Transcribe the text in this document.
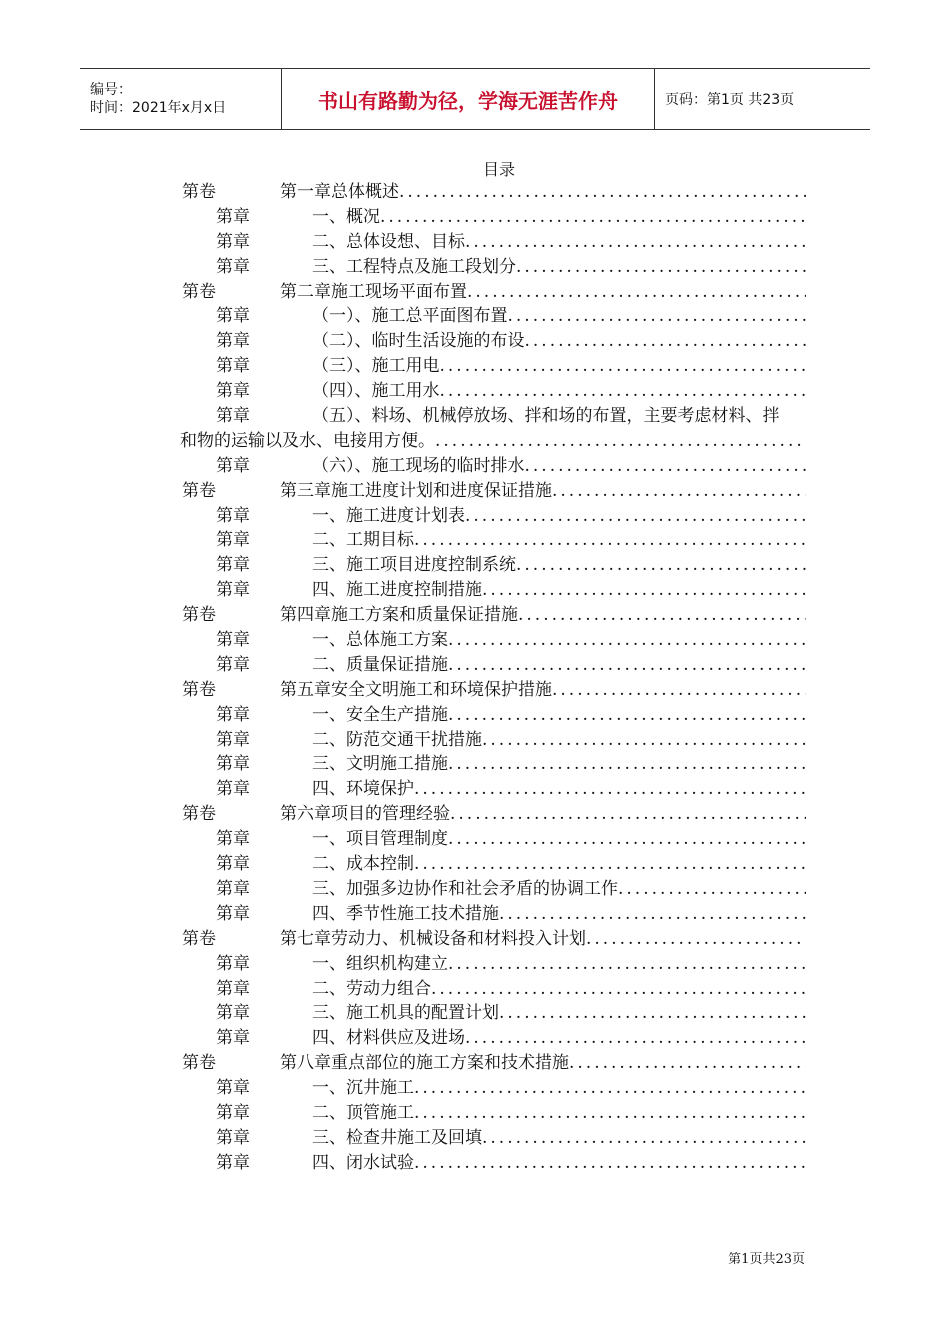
编号：
时间：2021年x月x日	书山有路勤为径，学海无涯苦作舟	页码：第1页 共23页
目录
第卷	第一章总体概述
.....
第章	一、概况
.....
第章	二、总体设想、目标
.....
第章	三、工程特点及施工段划分
.....
第卷	第二章施工现场平面布置
.....
第章	（一）、施工总平面图布置
.....
第章	（二）、临时生活设施的布设
.....
第章	（三）、施工用电
.....
第章	（四）、施工用水
.....
第章	（五）、料场、机械停放场、拌和场的布置，主要考虑材料、拌
和物的运输以及水、电接用方便。
.....
第章	（六）、施工现场的临时排水
.....
第卷	第三章施工进度计划和进度保证措施
.....
第章	一、施工进度计划表
.....
第章	二、工期目标
.....
第章	三、施工项目进度控制系统
.....
第章	四、施工进度控制措施
.....
第卷	第四章施工方案和质量保证措施
.....
第章	一、总体施工方案
.....
第章	二、质量保证措施
.....
第卷	第五章安全文明施工和环境保护措施
.....
第章	一、安全生产措施
.....
第章	二、防范交通干扰措施
.....
第章	三、文明施工措施
.....
第章	四、环境保护
.....
第卷	第六章项目的管理经验
.....
第章	一、项目管理制度
.....
第章	二、成本控制
.....
第章	三、加强多边协作和社会矛盾的协调工作
.....
第章	四、季节性施工技术措施
.....
第卷	第七章劳动力、机械设备和材料投入计划
.....
第章	一、组织机构建立
.....
第章	二、劳动力组合
.....
第章	三、施工机具的配置计划
.....
第章	四、材料供应及进场
.....
第卷	第八章重点部位的施工方案和技术措施
.....
第章	一、沉井施工
.....
第章	二、顶管施工
.....
第章	三、检查井施工及回填
.....
第章	四、闭水试验
.....
第1页共23页
